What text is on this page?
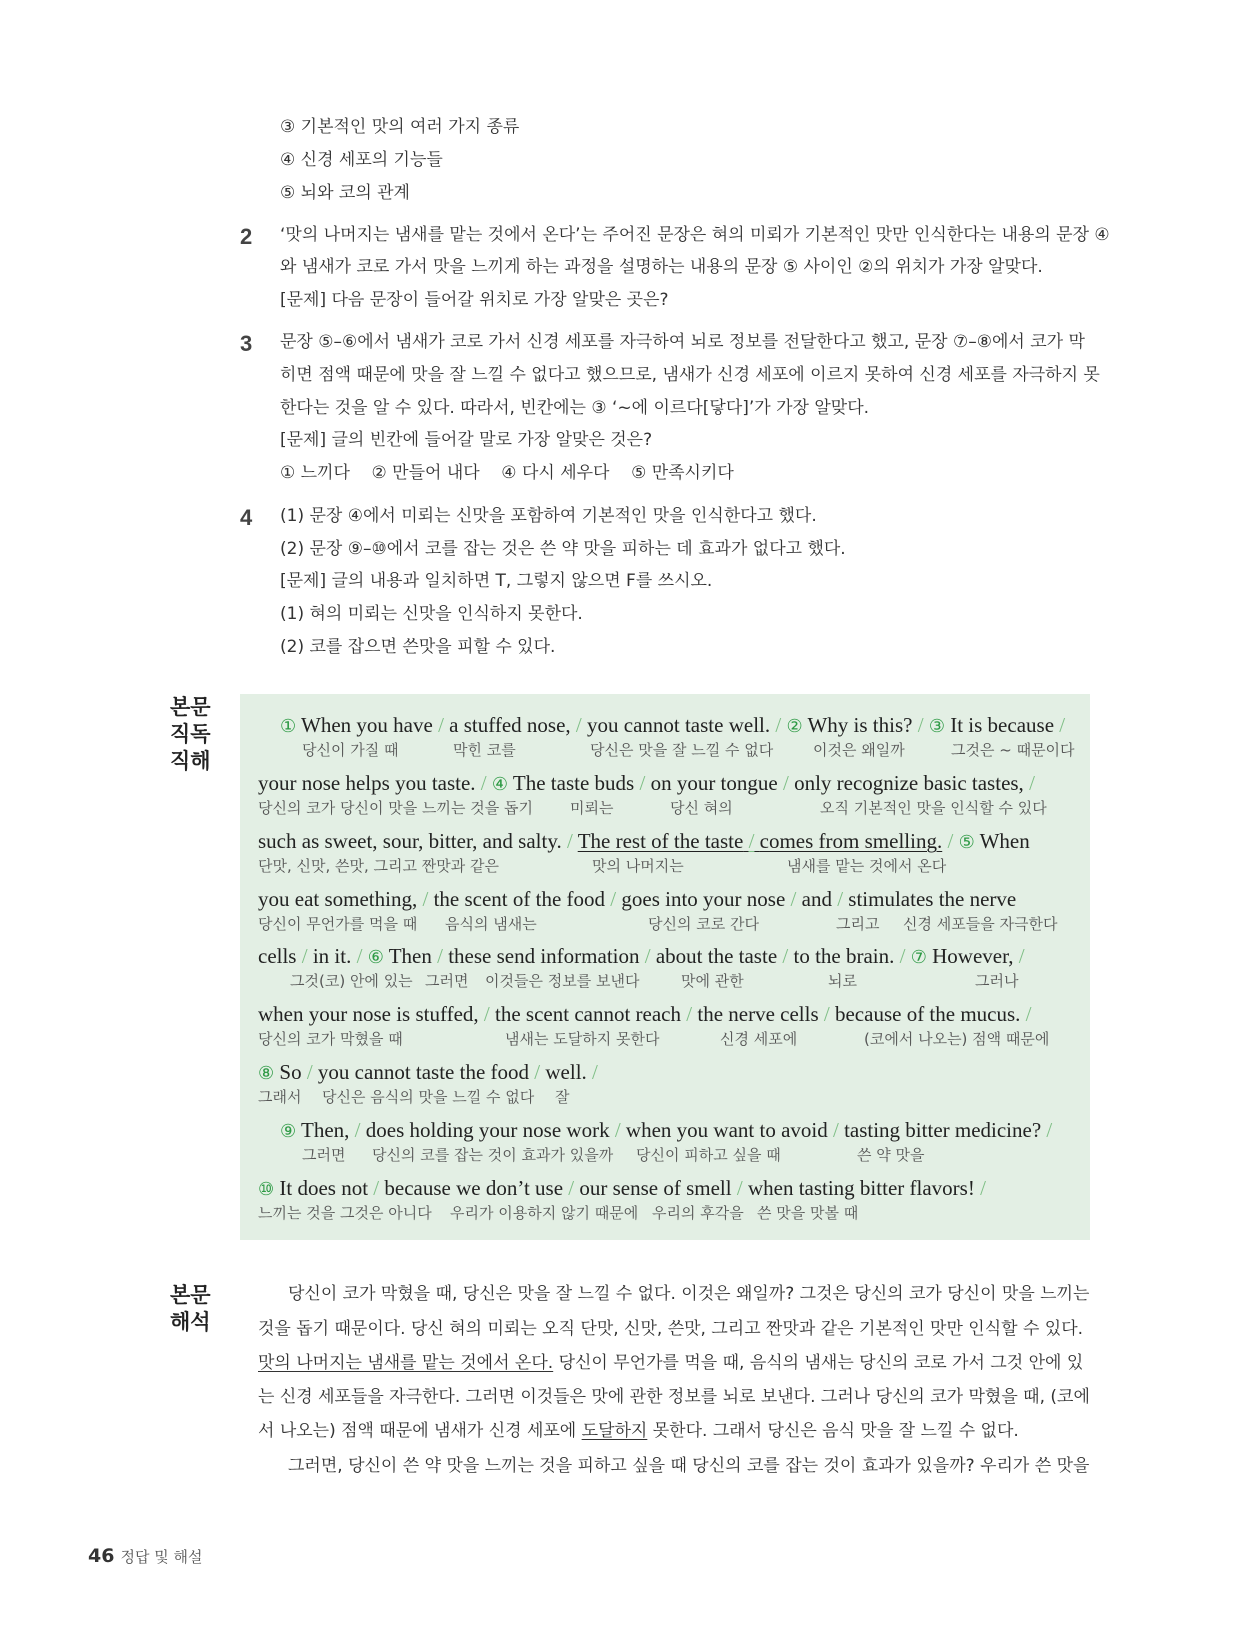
③ 기본적인 맛의 여러 가지 종류
④ 신경 세포의 기능들
⑤ 뇌와 코의 관계
2 ‘맛의 나머지는 냄새를 맡는 것에서 온다’는 주어진 문장은 혀의 미뢰가 기본적인 맛만 인식한다는 내용의 문장 ④
와 냄새가 코로 가서 맛을 느끼게 하는 과정을 설명하는 내용의 문장 ⑤ 사이인 ②의 위치가 가장 알맞다.
[문제] 다음 문장이 들어갈 위치로 가장 알맞은 곳은?
3 문장 ⑤–⑥에서 냄새가 코로 가서 신경 세포를 자극하여 뇌로 정보를 전달한다고 했고, 문장 ⑦–⑧에서 코가 막
히면 점액 때문에 맛을 잘 느낄 수 없다고 했으므로, 냄새가 신경 세포에 이르지 못하여 신경 세포를 자극하지 못
한다는 것을 알 수 있다. 따라서, 빈칸에는 ③ ‘~에 이르다[닿다]’가 가장 알맞다.
[문제] 글의 빈칸에 들어갈 말로 가장 알맞은 것은?
① 느끼다    ② 만들어 내다    ④ 다시 세우다    ⑤ 만족시키다
4 (1) 문장 ④에서 미뢰는 신맛을 포함하여 기본적인 맛을 인식한다고 했다.
(2) 문장 ⑨–⑩에서 코를 잡는 것은 쓴 약 맛을 피하는 데 효과가 없다고 했다.
[문제] 글의 내용과 일치하면 T, 그렇지 않으면 F를 쓰시오.
(1) 혀의 미뢰는 신맛을 인식하지 못한다.
(2) 코를 잡으면 쓴맛을 피할 수 있다.
본문
직독
직해
① When you have / a stuffed nose, / you cannot taste well. / ② Why is this? / ③ It is because /
당신이 가질 때	막힌 코를	당신은 맛을 잘 느낄 수 없다	이것은 왜일까	그것은 ~ 때문이다
your nose helps you taste. / ④ The taste buds / on your tongue / only recognize basic tastes, /
당신의 코가 당신이 맛을 느끼는 것을 돕기 미뢰는	당신 혀의	오직 기본적인 맛을 인식할 수 있다
such as sweet, sour, bitter, and salty. / The rest of the taste / comes from smelling. / ⑤ When
단맛, 신맛, 쓴맛, 그리고 짠맛과 같은	맛의 나머지는	냄새를 맡는 것에서 온다
you eat something, / the scent of the food / goes into your nose / and / stimulates the nerve
당신이 무언가를 먹을 때 음식의 냄새는	당신의 코로 간다	그리고 신경 세포들을 자극한다
cells / in it. / ⑥ Then / these send information / about the taste / to the brain. / ⑦ However, /
그것(코) 안에 있는 그러면 이것들은 정보를 보낸다	맛에 관한	뇌로	그러나
when your nose is stuffed, / the scent cannot reach / the nerve cells / because of the mucus. /
당신의 코가 막혔을 때	냄새는 도달하지 못한다	신경 세포에	(코에서 나오는) 점액 때문에
⑧ So / you cannot taste the food / well. /
그래서 당신은 음식의 맛을 느낄 수 없다 잘
⑨ Then, / does holding your nose work / when you want to avoid / tasting bitter medicine? /
그러면 당신의 코를 잡는 것이 효과가 있을까 당신이 피하고 싶을 때	쓴 약 맛을
⑩ It does not / because we don’t use / our sense of smell / when tasting bitter flavors! /
느끼는 것을 그것은 아니다 우리가 이용하지 않기 때문에 우리의 후각을 쓴 맛을 맛볼 때
본문
해석
당신이 코가 막혔을 때, 당신은 맛을 잘 느낄 수 없다. 이것은 왜일까? 그것은 당신의 코가 당신이 맛을 느끼는
것을 돕기 때문이다. 당신 혀의 미뢰는 오직 단맛, 신맛, 쓴맛, 그리고 짠맛과 같은 기본적인 맛만 인식할 수 있다.
맛의 나머지는 냄새를 맡는 것에서 온다. 당신이 무언가를 먹을 때, 음식의 냄새는 당신의 코로 가서 그것 안에 있
는 신경 세포들을 자극한다. 그러면 이것들은 맛에 관한 정보를 뇌로 보낸다. 그러나 당신의 코가 막혔을 때, (코에
서 나오는) 점액 때문에 냄새가 신경 세포에 도달하지 못한다. 그래서 당신은 음식 맛을 잘 느낄 수 없다.
그러면, 당신이 쓴 약 맛을 느끼는 것을 피하고 싶을 때 당신의 코를 잡는 것이 효과가 있을까? 우리가 쓴 맛을
46 정답 및 해설
